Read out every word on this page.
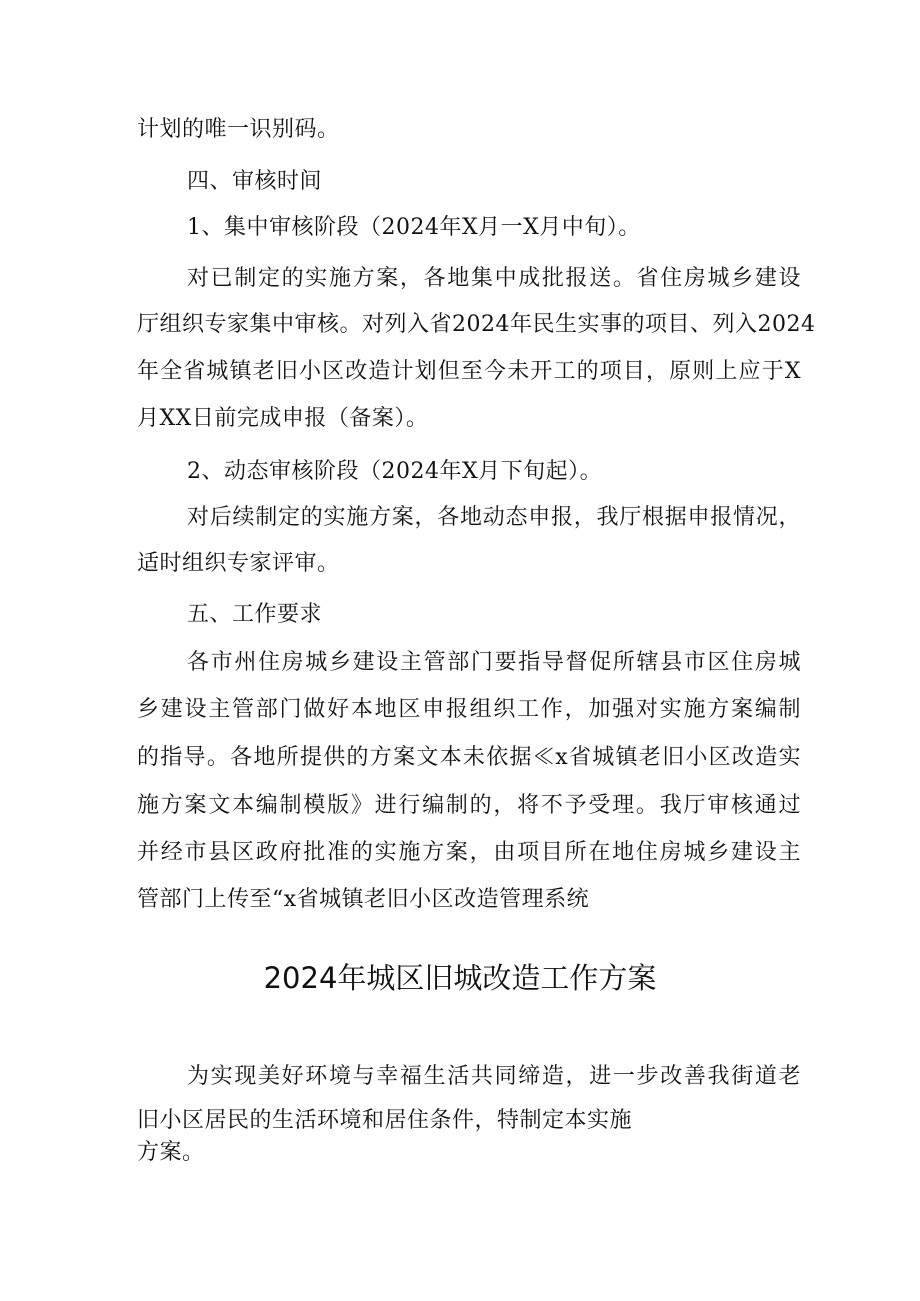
计划的唯一识别码。
四、审核时间
1、集中审核阶段（2024年X月一X月中旬）。
对已制定的实施方案，各地集中成批报送。省住房城乡建设
厅组织专家集中审核。对列入省2024年民生实事的项目、列入2024
年全省城镇老旧小区改造计划但至今未开工的项目，原则上应于X
月XX日前完成申报（备案）。
2、动态审核阶段（2024年X月下旬起）。
对后续制定的实施方案，各地动态申报，我厅根据申报情况，
适时组织专家评审。
五、工作要求
各市州住房城乡建设主管部门要指导督促所辖县市区住房城
乡建设主管部门做好本地区申报组织工作，加强对实施方案编制
的指导。各地所提供的方案文本未依据≪x省城镇老旧小区改造实
施方案文本编制模版》进行编制的，将不予受理。我厅审核通过
并经市县区政府批准的实施方案，由项目所在地住房城乡建设主
管部门上传至“x省城镇老旧小区改造管理系统
2024年城区旧城改造工作方案
为实现美好环境与幸福生活共同缔造，进一步改善我街道老
旧小区居民的生活环境和居住条件，特制定本实施
方案。
